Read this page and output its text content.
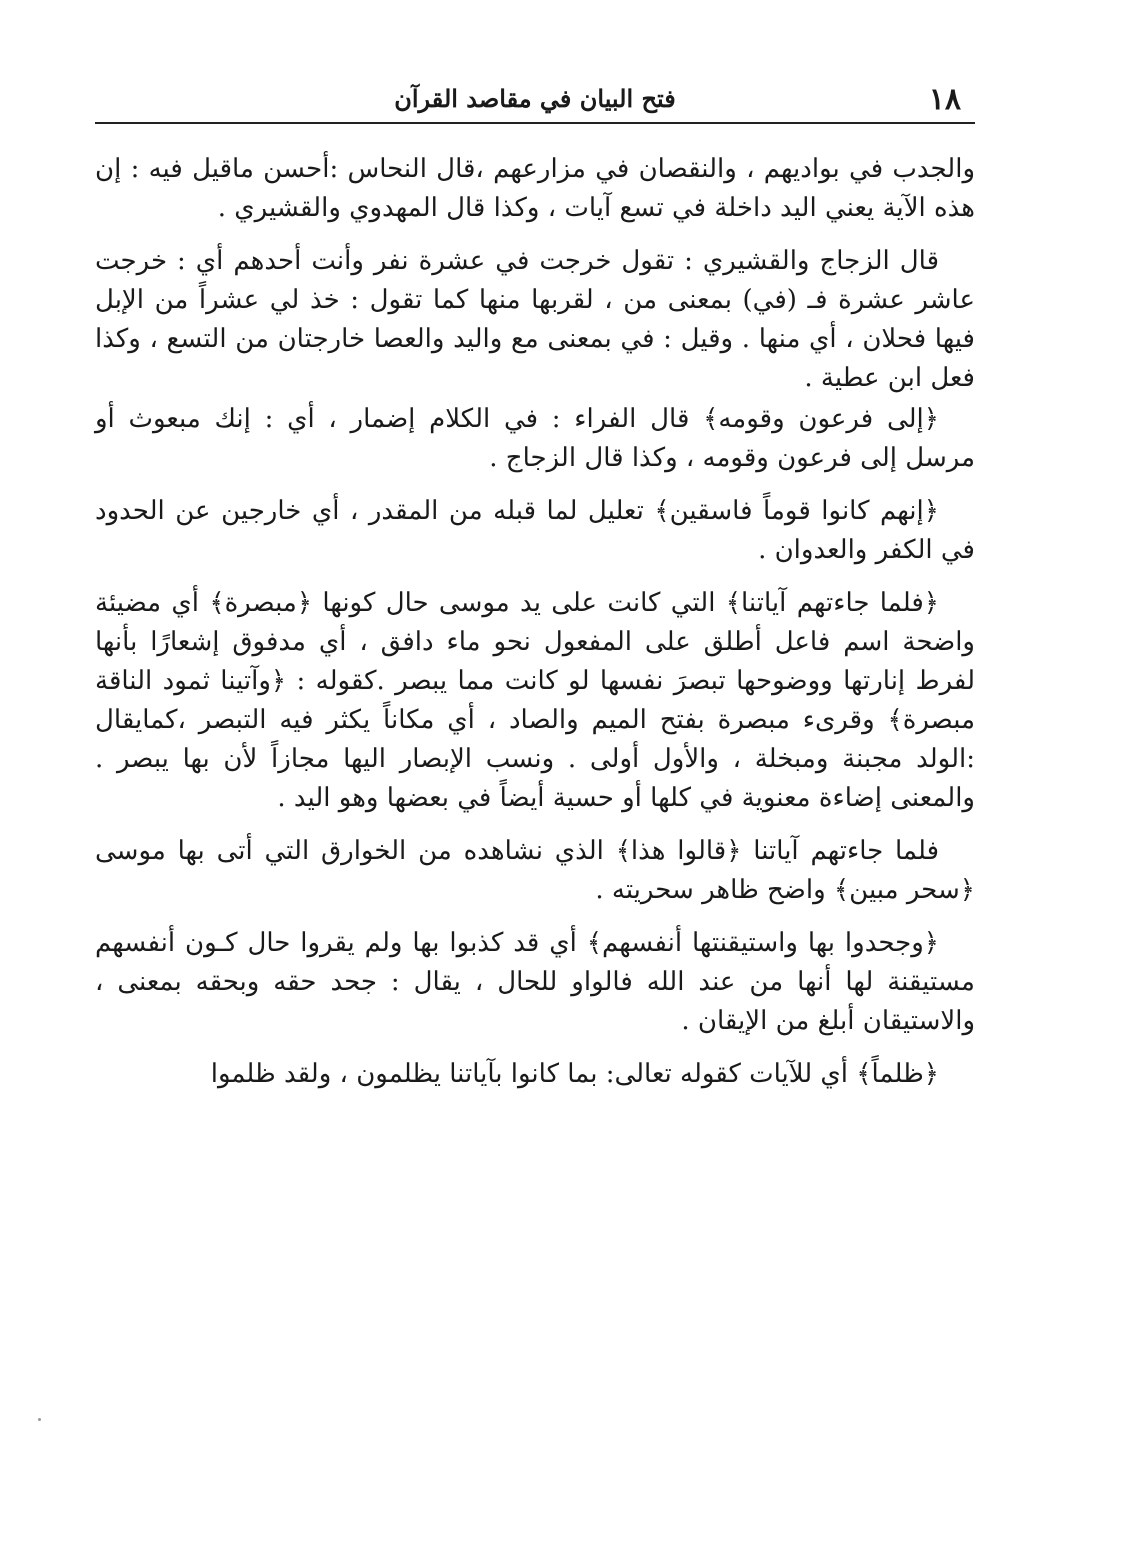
١٨
فتح البيان في مقاصد القرآن

والجدب في بواديهم ، والنقصان في مزارعهم ،قال النحاس :أحسن ماقيل فيه : إن هذه الآية يعني اليد داخلة في تسع آيات ، وكذا قال المهدوي والقشيري .

قال الزجاج والقشيري : تقول خرجت في عشرة نفر وأنت أحدهم أي : خرجت عاشر عشرة فـ (في) بمعنى من ، لقربها منها كما تقول : خذ لي عشراً من الإبل فيها فحلان ، أي منها . وقيل : في بمعنى مع واليد والعصا خارجتان من التسع ، وكذا فعل ابن عطية .

﴿إلى فرعون وقومه﴾ قال الفراء : في الكلام إضمار ، أي : إنك مبعوث أو مرسل إلى فرعون وقومه ، وكذا قال الزجاج .

﴿إنهم كانوا قوماً فاسقين﴾ تعليل لما قبله من المقدر ، أي خارجين عن الحدود في الكفر والعدوان .

﴿فلما جاءتهم آياتنا﴾ التي كانت على يد موسى حال كونها ﴿مبصرة﴾ أي مضيئة واضحة اسم فاعل أطلق على المفعول نحو ماء دافق ، أي مدفوق إشعارًا بأنها لفرط إنارتها ووضوحها تبصرَ نفسها لو كانت مما يبصر .كقوله : ﴿وآتينا ثمود الناقة مبصرة﴾ وقرىء مبصرة بفتح الميم والصاد ، أي مكاناً يكثر فيه التبصر ،كمايقال :الولد مجبنة ومبخلة ، والأول أولى . ونسب الإبصار اليها مجازاً لأن بها يبصر . والمعنى إضاءة معنوية في كلها أو حسية أيضاً في بعضها وهو اليد .

فلما جاءتهم آياتنا ﴿قالوا هذا﴾ الذي نشاهده من الخوارق التي أتى بها موسى ﴿سحر مبين﴾ واضح ظاهر سحريته .

﴿وجحدوا بها واستيقنتها أنفسهم﴾ أي قد كذبوا بها ولم يقروا حال كـون أنفسهم مستيقنة لها أنها من عند الله فالواو للحال ، يقال : جحد حقه وبحقه بمعنى ، والاستيقان أبلغ من الإيقان .

﴿ظلماً﴾ أي للآيات كقوله تعالى: بما كانوا بآياتنا يظلمون ، ولقد ظلموا
